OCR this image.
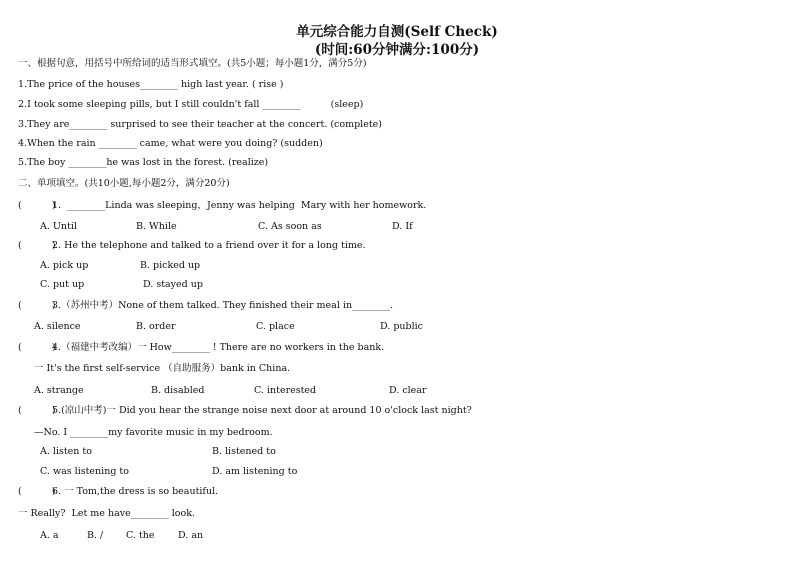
单元综合能力自测(Self Check)
(时间:60分钟满分:100分)
一、根据句意，用括号中所给词的适当形式填空。(共5小题；每小题1分，满分5分)
1.The price of the houses________ high last year. ( rise )
2.I took some sleeping pills, but I still couldn't fall ________          (sleep)
3.They are________ surprised to see their teacher at the concert. (complete)
4.When the rain ________ came, what were you doing? (sudden)
5.The boy ________he was lost in the forest. (realize)
二、单项填空。(共10小题,每小题2分，满分20分)
(          )
1.  ________Linda was sleeping，Jenny was helping  Mary with her homework.
A. Until	B. While	C. As soon as	D. If
(          )
2. He the telephone and talked to a friend over it for a long time.
A. pick up	B. picked up
C. put up	D. stayed up
(          )
3.（苏州中考）None of them talked. They finished their meal in________.
A. silence	B. order	C. place	D. public
(          )
4.（福建中考改编）一 How________ ! There are no workers in the bank.
一 It's the first self-service （自助服务）bank in China.
A. strange	B. disabled	C. interested	D. clear
(          )
5.(凉山中考)一 Did you hear the strange noise next door at around 10 o'clock last night?
—No. I ________my favorite music in my bedroom.
A. listen to	B. listened to
C. was listening to	D. am listening to
(          )
6. 一 Tom,the dress is so beautiful.
一 Really?  Let me have________ look.
A. a	B. / C. the D. an
